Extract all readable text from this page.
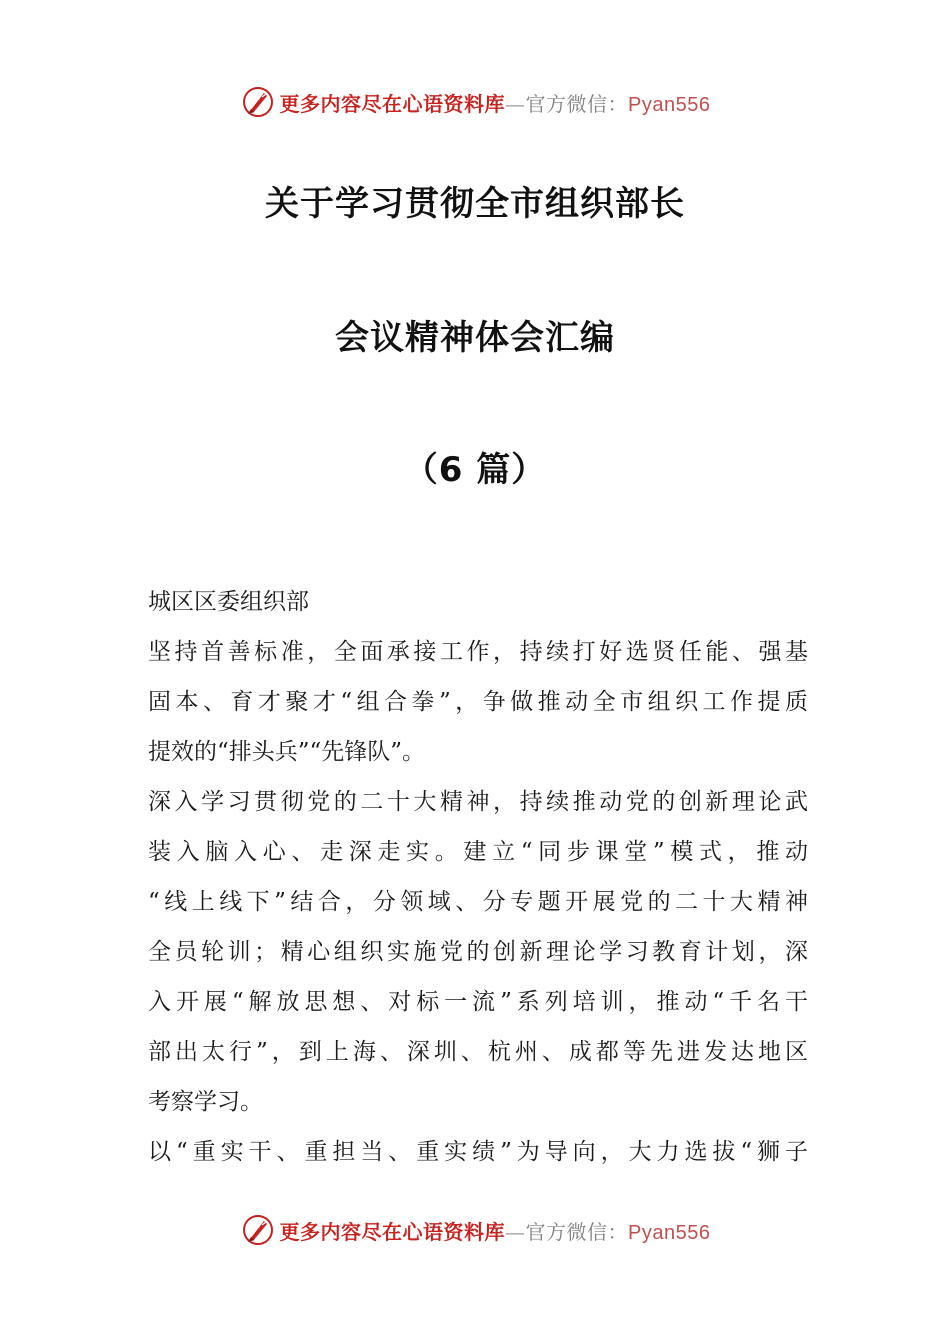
更多内容尽在心语资料库—官方微信：Pyan556
关于学习贯彻全市组织部长
会议精神体会汇编
（6 篇）
城区区委组织部
坚持首善标准，全面承接工作，持续打好选贤任能、强基
固本、育才聚才“组合拳”，争做推动全市组织工作提质
提效的“排头兵”“先锋队”。
深入学习贯彻党的二十大精神，持续推动党的创新理论武
装入脑入心、走深走实。建立“同步课堂”模式，推动
“线上线下”结合，分领域、分专题开展党的二十大精神
全员轮训；精心组织实施党的创新理论学习教育计划，深
入开展“解放思想、对标一流”系列培训，推动“千名干
部出太行”，到上海、深圳、杭州、成都等先进发达地区
考察学习。
以“重实干、重担当、重实绩”为导向，大力选拔“狮子
更多内容尽在心语资料库—官方微信：Pyan556
